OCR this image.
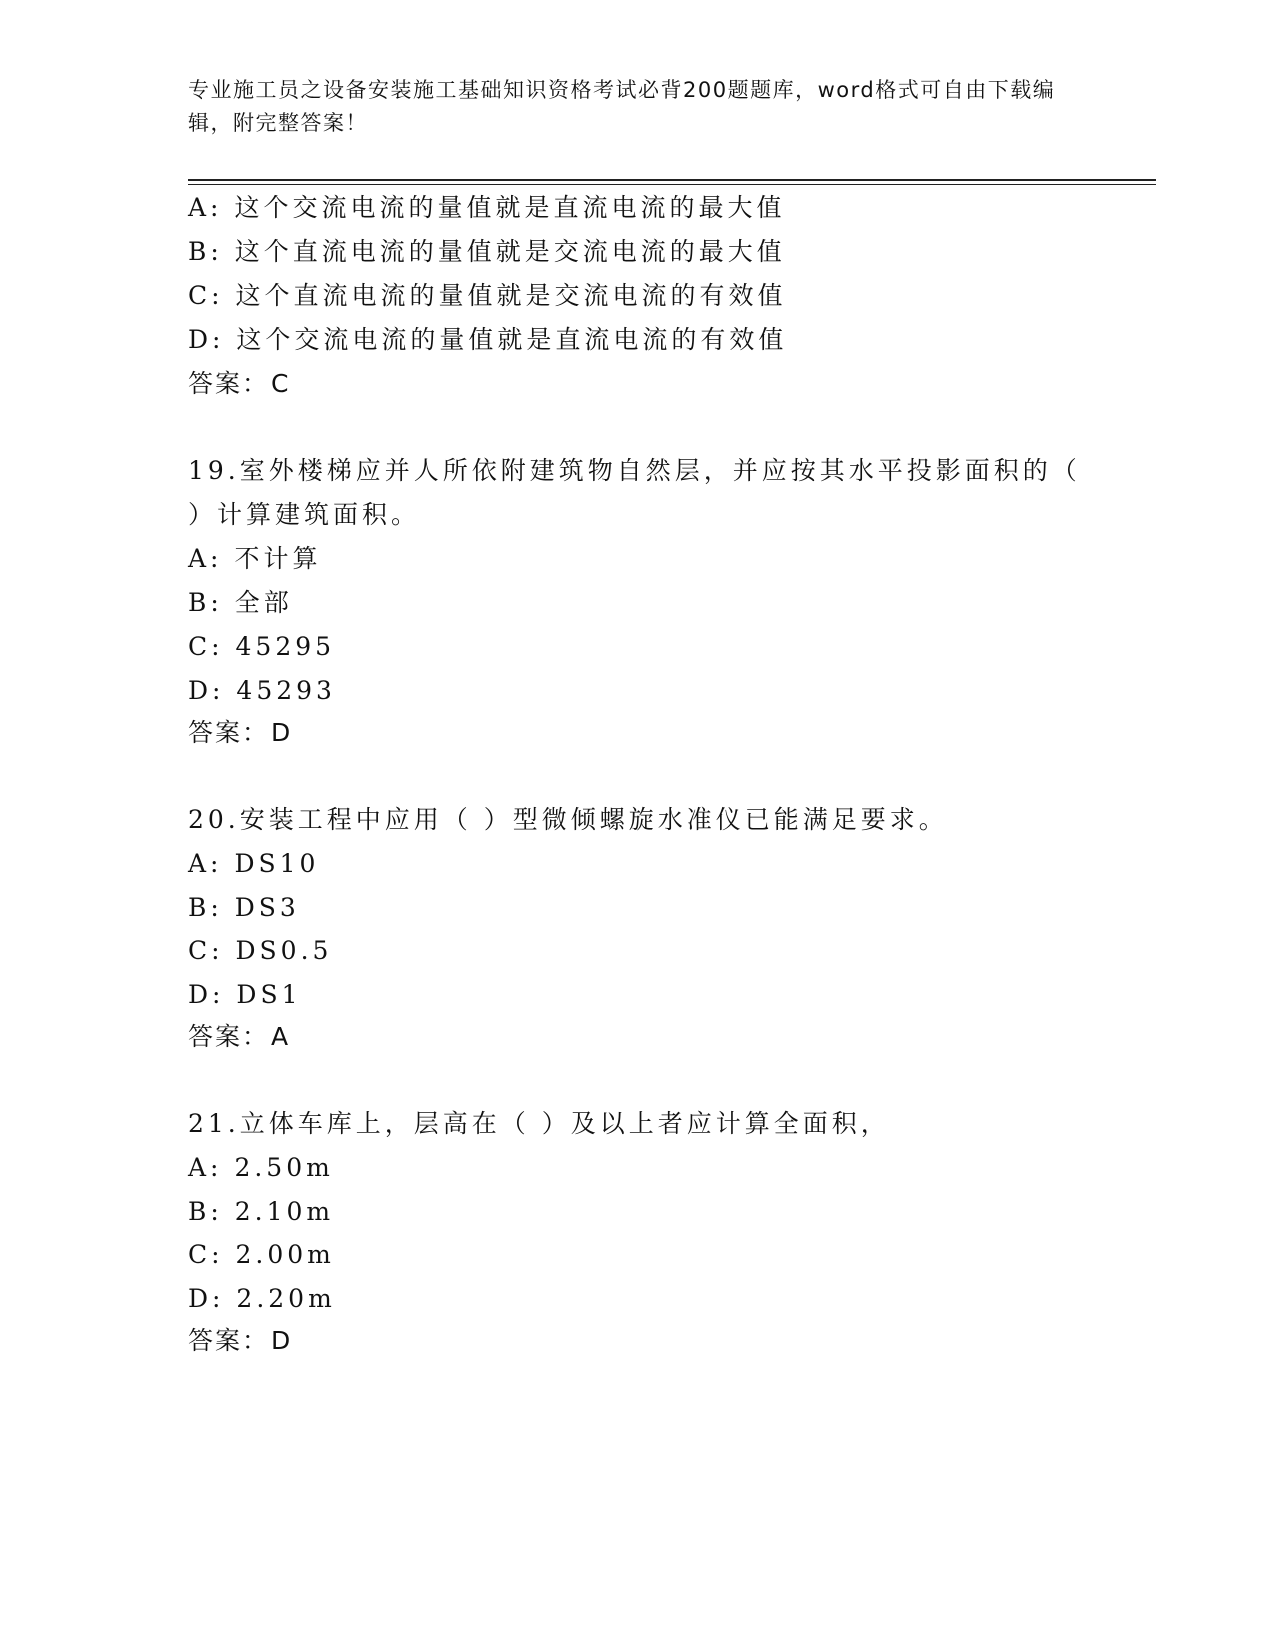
专业施工员之设备安装施工基础知识资格考试必背200题题库，word格式可自由下载编辑，附完整答案！
A: 这个交流电流的量值就是直流电流的最大值
B: 这个直流电流的量值就是交流电流的最大值
C: 这个直流电流的量值就是交流电流的有效值
D: 这个交流电流的量值就是直流电流的有效值
答案：C
19.室外楼梯应并人所依附建筑物自然层，并应按其水平投影面积的（
）计算建筑面积。
A: 不计算
B: 全部
C: 45295
D: 45293
答案：D
20.安装工程中应用（ ）型微倾螺旋水准仪已能满足要求。
A: DS10
B: DS3
C: DS0.5
D: DS1
答案：A
21.立体车库上，层高在（ ）及以上者应计算全面积，
A: 2.50m
B: 2.10m
C: 2.00m
D: 2.20m
答案：D
